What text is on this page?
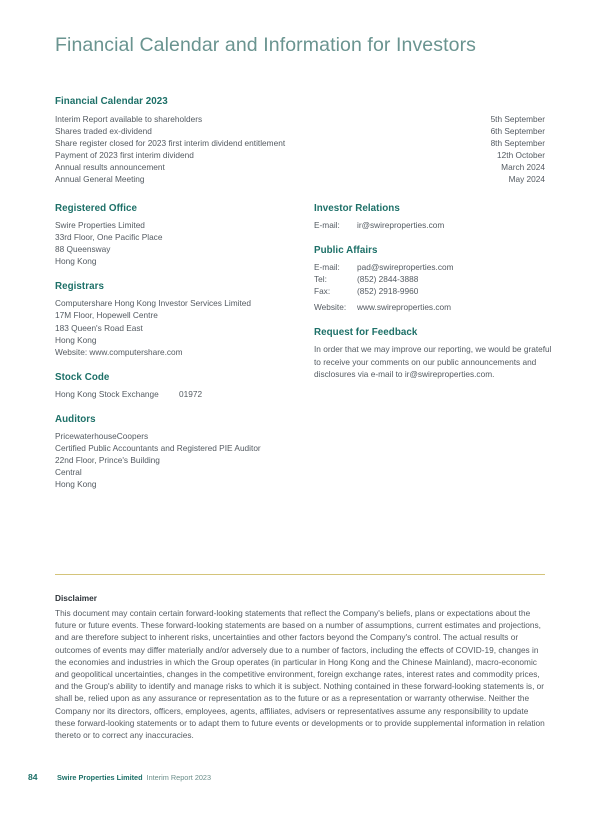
Financial Calendar and Information for Investors
Financial Calendar 2023
Interim Report available to shareholders	5th September
Shares traded ex-dividend	6th September
Share register closed for 2023 first interim dividend entitlement	8th September
Payment of 2023 first interim dividend	12th October
Annual results announcement	March 2024
Annual General Meeting	May 2024
Registered Office
Swire Properties Limited
33rd Floor, One Pacific Place
88 Queensway
Hong Kong
Registrars
Computershare Hong Kong Investor Services Limited
17M Floor, Hopewell Centre
183 Queen's Road East
Hong Kong
Website: www.computershare.com
Stock Code
Hong Kong Stock Exchange	01972
Auditors
PricewaterhouseCoopers
Certified Public Accountants and Registered PIE Auditor
22nd Floor, Prince's Building
Central
Hong Kong
Investor Relations
E-mail:	ir@swireproperties.com
Public Affairs
E-mail:	pad@swireproperties.com
Tel:	(852) 2844-3888
Fax:	(852) 2918-9960
Website:	www.swireproperties.com
Request for Feedback
In order that we may improve our reporting, we would be grateful to receive your comments on our public announcements and disclosures via e-mail to ir@swireproperties.com.
Disclaimer
This document may contain certain forward-looking statements that reflect the Company's beliefs, plans or expectations about the future or future events. These forward-looking statements are based on a number of assumptions, current estimates and projections, and are therefore subject to inherent risks, uncertainties and other factors beyond the Company's control. The actual results or outcomes of events may differ materially and/or adversely due to a number of factors, including the effects of COVID-19, changes in the economies and industries in which the Group operates (in particular in Hong Kong and the Chinese Mainland), macro-economic and geopolitical uncertainties, changes in the competitive environment, foreign exchange rates, interest rates and commodity prices, and the Group's ability to identify and manage risks to which it is subject. Nothing contained in these forward-looking statements is, or shall be, relied upon as any assurance or representation as to the future or as a representation or warranty otherwise. Neither the Company nor its directors, officers, employees, agents, affiliates, advisers or representatives assume any responsibility to update these forward-looking statements or to adapt them to future events or developments or to provide supplemental information in relation thereto or to correct any inaccuracies.
84	Swire Properties Limited Interim Report 2023
